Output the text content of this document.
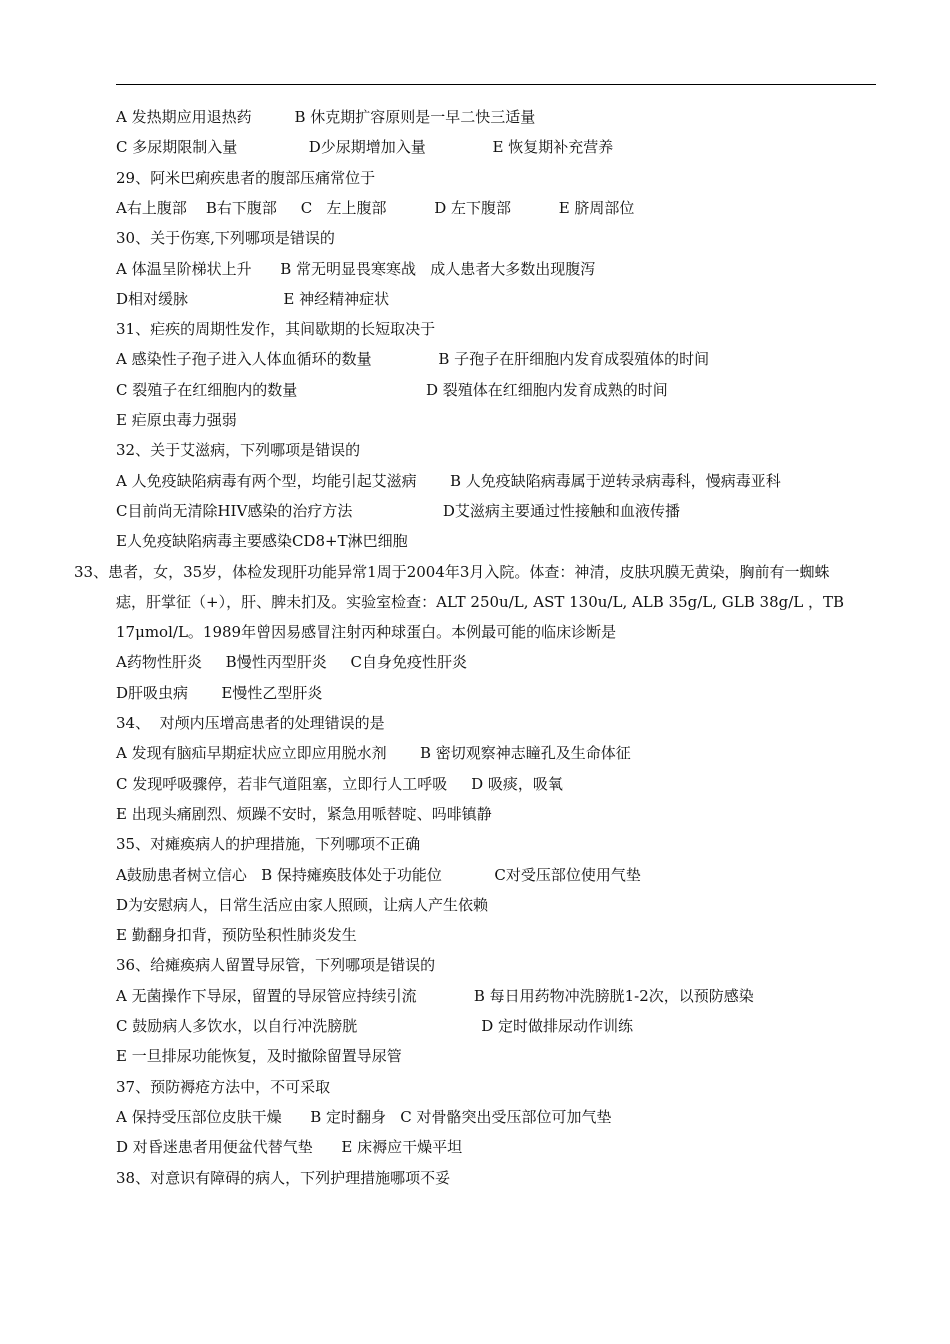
A 发热期应用退热药         B 休克期扩容原则是一早二快三适量
C 多尿期限制入量               D少尿期增加入量              E 恢复期补充营养
29、阿米巴痢疾患者的腹部压痛常位于
A右上腹部    B右下腹部     C   左上腹部          D 左下腹部          E 脐周部位
30、关于伤寒,下列哪项是错误的
A 体温呈阶梯状上升      B 常无明显畏寒寒战   成人患者大多数出现腹泻
D相对缓脉                    E 神经精神症状
31、疟疾的周期性发作，其间歇期的长短取决于
A 感染性子孢子进入人体血循环的数量              B 子孢子在肝细胞内发育成裂殖体的时间
C 裂殖子在红细胞内的数量                           D 裂殖体在红细胞内发育成熟的时间
E 疟原虫毒力强弱
32、关于艾滋病，下列哪项是错误的
A 人免疫缺陷病毒有两个型，均能引起艾滋病       B 人免疫缺陷病毒属于逆转录病毒科，慢病毒亚科
C目前尚无清除HIV感染的治疗方法                   D艾滋病主要通过性接触和血液传播
E人免疫缺陷病毒主要感染CD8+T淋巴细胞
33、患者，女，35岁，体检发现肝功能异常1周于2004年3月入院。体查：神清，皮肤巩膜无黄染，胸前有一蜘蛛
痣，肝掌征（+），肝、脾未扪及。实验室检查：ALT 250u/L, AST 130u/L, ALB 35g/L, GLB 38g/L ，TB
17μmol/L。1989年曾因易感冒注射丙种球蛋白。本例最可能的临床诊断是
A药物性肝炎     B慢性丙型肝炎     C自身免疫性肝炎
D肝吸虫病       E慢性乙型肝炎
34、  对颅内压增高患者的处理错误的是
A 发现有脑疝早期症状应立即应用脱水剂       B 密切观察神志瞳孔及生命体征
C 发现呼吸骤停，若非气道阻塞，立即行人工呼吸     D 吸痰，吸氧
E 出现头痛剧烈、烦躁不安时，紧急用哌替啶、吗啡镇静
35、对瘫痪病人的护理措施，下列哪项不正确
A鼓励患者树立信心   B 保持瘫痪肢体处于功能位           C对受压部位使用气垫
D为安慰病人，日常生活应由家人照顾，让病人产生依赖
E 勤翻身扣背，预防坠积性肺炎发生
36、给瘫痪病人留置导尿管，下列哪项是错误的
A 无菌操作下导尿，留置的导尿管应持续引流            B 每日用药物冲洗膀胱1-2次，以预防感染
C 鼓励病人多饮水，以自行冲洗膀胱                          D 定时做排尿动作训练
E 一旦排尿功能恢复，及时撤除留置导尿管
37、预防褥疮方法中，不可采取
A 保持受压部位皮肤干燥      B 定时翻身   C 对骨骼突出受压部位可加气垫
D 对昏迷患者用便盆代替气垫      E 床褥应干燥平坦
38、对意识有障碍的病人，下列护理措施哪项不妥
